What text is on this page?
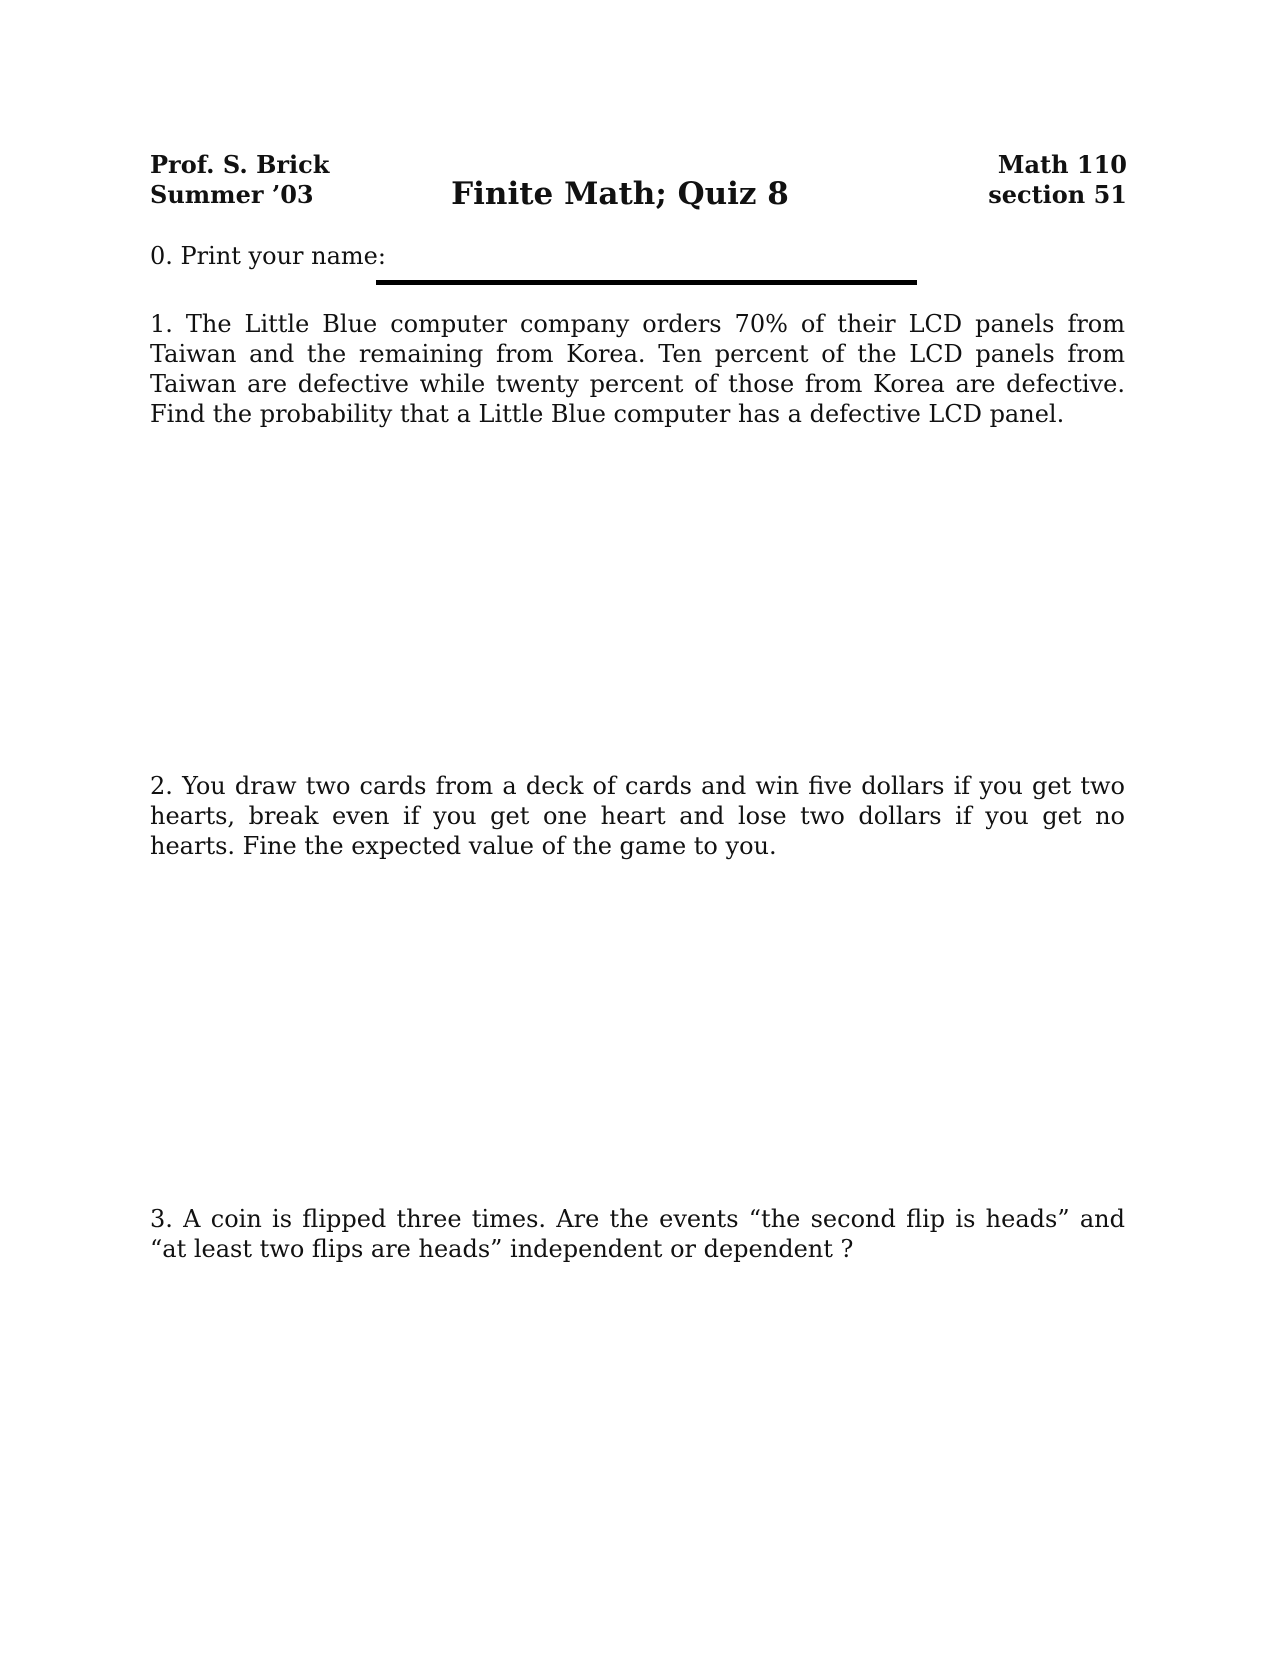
Prof. S. Brick
Summer ’03	Finite Math; Quiz 8
Math 110
section 51
0. Print your name:
1. The Little Blue computer company orders 70% of their LCD panels from Taiwan and the remaining from Korea. Ten percent of the LCD panels from Taiwan are defective while twenty percent of those from Korea are defective. Find the probability that a Little Blue computer has a defective LCD panel.
2. You draw two cards from a deck of cards and win five dollars if you get two hearts, break even if you get one heart and lose two dollars if you get no hearts. Fine the expected value of the game to you.
3. A coin is flipped three times. Are the events “the second flip is heads” and “at least two flips are heads” independent or dependent ?
